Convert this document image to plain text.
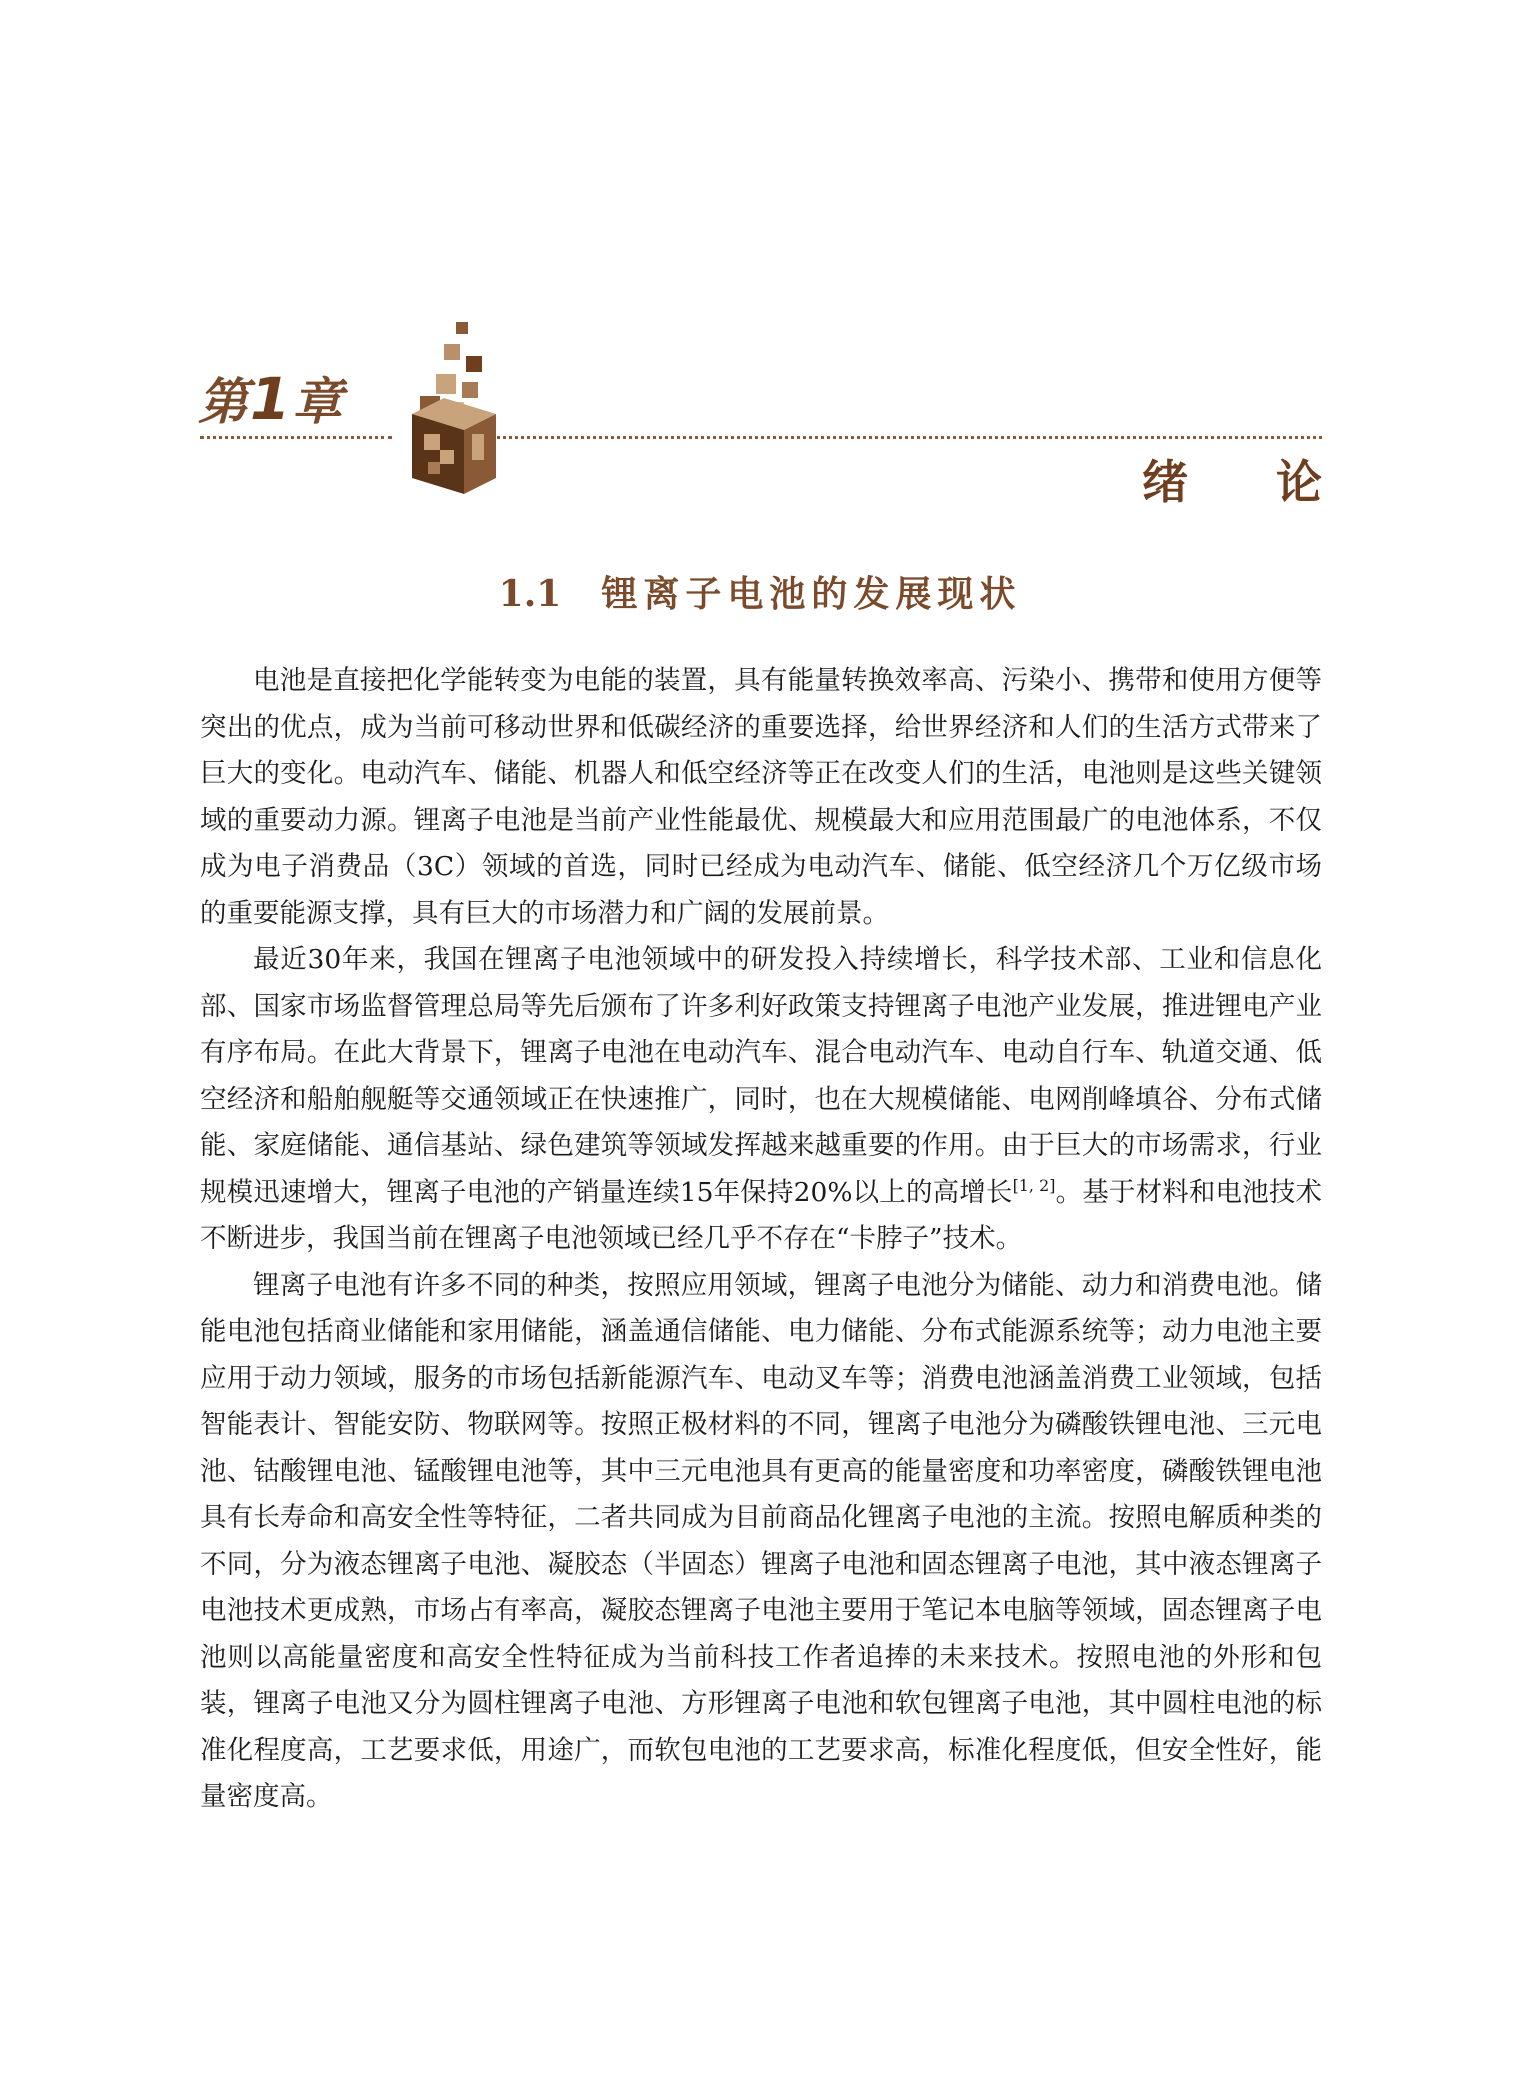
第1章
绪论
1.1 锂离子电池的发展现状

电池是直接把化学能转变为电能的装置，具有能量转换效率高、污染小、携带和使用方便等突出的优点，成为当前可移动世界和低碳经济的重要选择，给世界经济和人们的生活方式带来了巨大的变化。电动汽车、储能、机器人和低空经济等正在改变人们的生活，电池则是这些关键领域的重要动力源。锂离子电池是当前产业性能最优、规模最大和应用范围最广的电池体系，不仅成为电子消费品（3C）领域的首选，同时已经成为电动汽车、储能、低空经济几个万亿级市场的重要能源支撑，具有巨大的市场潜力和广阔的发展前景。

最近30年来，我国在锂离子电池领域中的研发投入持续增长，科学技术部、工业和信息化部、国家市场监督管理总局等先后颁布了许多利好政策支持锂离子电池产业发展，推进锂电产业有序布局。在此大背景下，锂离子电池在电动汽车、混合电动汽车、电动自行车、轨道交通、低空经济和船舶舰艇等交通领域正在快速推广，同时，也在大规模储能、电网削峰填谷、分布式储能、家庭储能、通信基站、绿色建筑等领域发挥越来越重要的作用。由于巨大的市场需求，行业规模迅速增大，锂离子电池的产销量连续15年保持20%以上的高增长[1, 2]。基于材料和电池技术不断进步，我国当前在锂离子电池领域已经几乎不存在“卡脖子”技术。

锂离子电池有许多不同的种类，按照应用领域，锂离子电池分为储能、动力和消费电池。储能电池包括商业储能和家用储能，涵盖通信储能、电力储能、分布式能源系统等；动力电池主要应用于动力领域，服务的市场包括新能源汽车、电动叉车等；消费电池涵盖消费工业领域，包括智能表计、智能安防、物联网等。按照正极材料的不同，锂离子电池分为磷酸铁锂电池、三元电池、钴酸锂电池、锰酸锂电池等，其中三元电池具有更高的能量密度和功率密度，磷酸铁锂电池具有长寿命和高安全性等特征，二者共同成为目前商品化锂离子电池的主流。按照电解质种类的不同，分为液态锂离子电池、凝胶态（半固态）锂离子电池和固态锂离子电池，其中液态锂离子电池技术更成熟，市场占有率高，凝胶态锂离子电池主要用于笔记本电脑等领域，固态锂离子电池则以高能量密度和高安全性特征成为当前科技工作者追捧的未来技术。按照电池的外形和包装，锂离子电池又分为圆柱锂离子电池、方形锂离子电池和软包锂离子电池，其中圆柱电池的标准化程度高，工艺要求低，用途广，而软包电池的工艺要求高，标准化程度低，但安全性好，能量密度高。
